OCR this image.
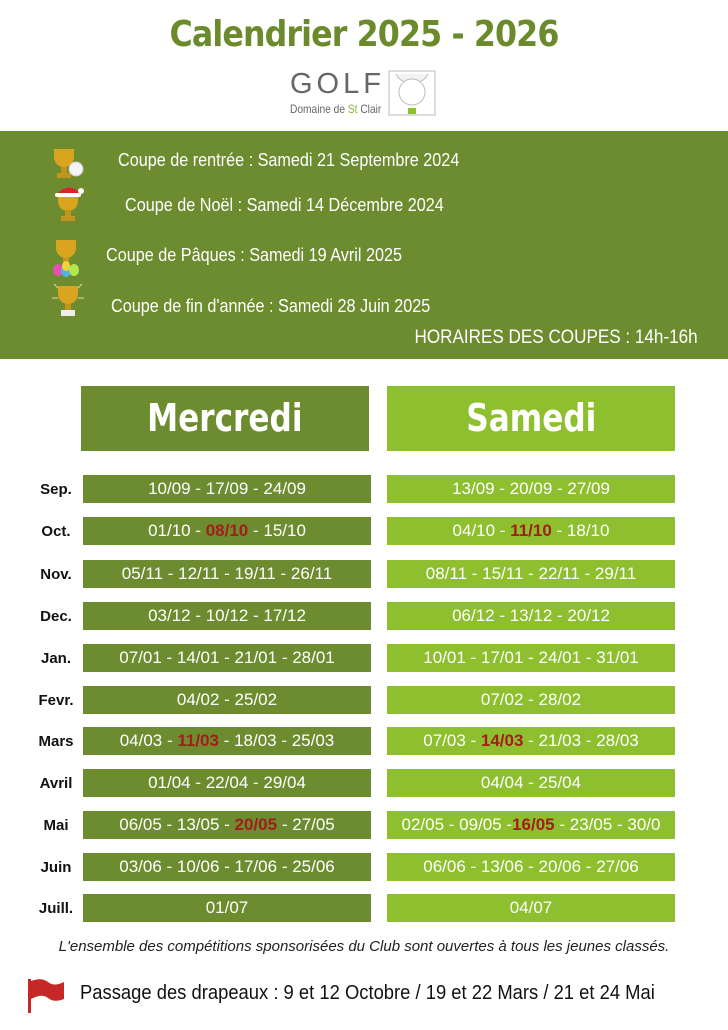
Calendrier 2025 - 2026
GOLF
Domaine de St Clair
Coupe de rentrée : Samedi 21 Septembre 2024
Coupe de Noël : Samedi 14 Décembre 2024
Coupe de Pâques : Samedi 19 Avril 2025
Coupe de fin d'année : Samedi 28 Juin 2025
HORAIRES DES COUPES : 14h-16h
Mercredi	Samedi
Sep.	10/09 - 17/09 - 24/09	13/09 - 20/09 - 27/09
Oct.	01/10 - 08/10 - 15/10	04/10 - 11/10 - 18/10
Nov.	05/11 - 12/11 - 19/11 - 26/11	08/11 - 15/11 - 22/11 - 29/11
Dec.	03/12 - 10/12 - 17/12	06/12 - 13/12 - 20/12
Jan.	07/01 - 14/01 - 21/01 - 28/01	10/01 - 17/01 - 24/01 - 31/01
Fevr.	04/02 - 25/02	07/02 - 28/02
Mars	04/03 - 11/03 - 18/03 - 25/03	07/03 - 14/03 - 21/03 - 28/03
Avril	01/04 - 22/04 - 29/04	04/04 - 25/04
Mai	06/05 - 13/05 - 20/05 - 27/05	02/05 - 09/05 -16/05 - 23/05 - 30/0
Juin	03/06 - 10/06 - 17/06 - 25/06	06/06 - 13/06 - 20/06 - 27/06
Juill.	01/07	04/07
L'ensemble des compétitions sponsorisées du Club sont ouvertes à tous les jeunes classés.
Passage des drapeaux : 9 et 12 Octobre / 19 et 22 Mars / 21 et 24 Mai
